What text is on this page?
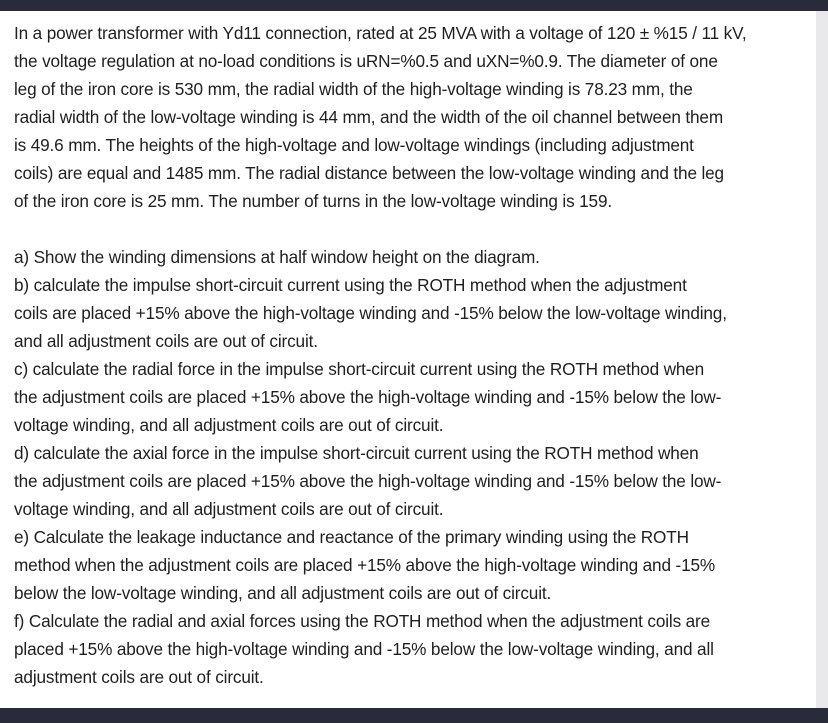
In a power transformer with Yd11 connection, rated at 25 MVA with a voltage of 120 ± %15 / 11 kV,
the voltage regulation at no-load conditions is uRN=%0.5 and uXN=%0.9. The diameter of one
leg of the iron core is 530 mm, the radial width of the high-voltage winding is 78.23 mm, the
radial width of the low-voltage winding is 44 mm, and the width of the oil channel between them
is 49.6 mm. The heights of the high-voltage and low-voltage windings (including adjustment
coils) are equal and 1485 mm. The radial distance between the low-voltage winding and the leg
of the iron core is 25 mm. The number of turns in the low-voltage winding is 159.

a) Show the winding dimensions at half window height on the diagram.

b) calculate the impulse short-circuit current using the ROTH method when the adjustment
coils are placed +15% above the high-voltage winding and -15% below the low-voltage winding,
and all adjustment coils are out of circuit.

c) calculate the radial force in the impulse short-circuit current using the ROTH method when
the adjustment coils are placed +15% above the high-voltage winding and -15% below the low-
voltage winding, and all adjustment coils are out of circuit.

d) calculate the axial force in the impulse short-circuit current using the ROTH method when
the adjustment coils are placed +15% above the high-voltage winding and -15% below the low-
voltage winding, and all adjustment coils are out of circuit.

e) Calculate the leakage inductance and reactance of the primary winding using the ROTH
method when the adjustment coils are placed +15% above the high-voltage winding and -15%
below the low-voltage winding, and all adjustment coils are out of circuit.

f) Calculate the radial and axial forces using the ROTH method when the adjustment coils are
placed +15% above the high-voltage winding and -15% below the low-voltage winding, and all
adjustment coils are out of circuit.
